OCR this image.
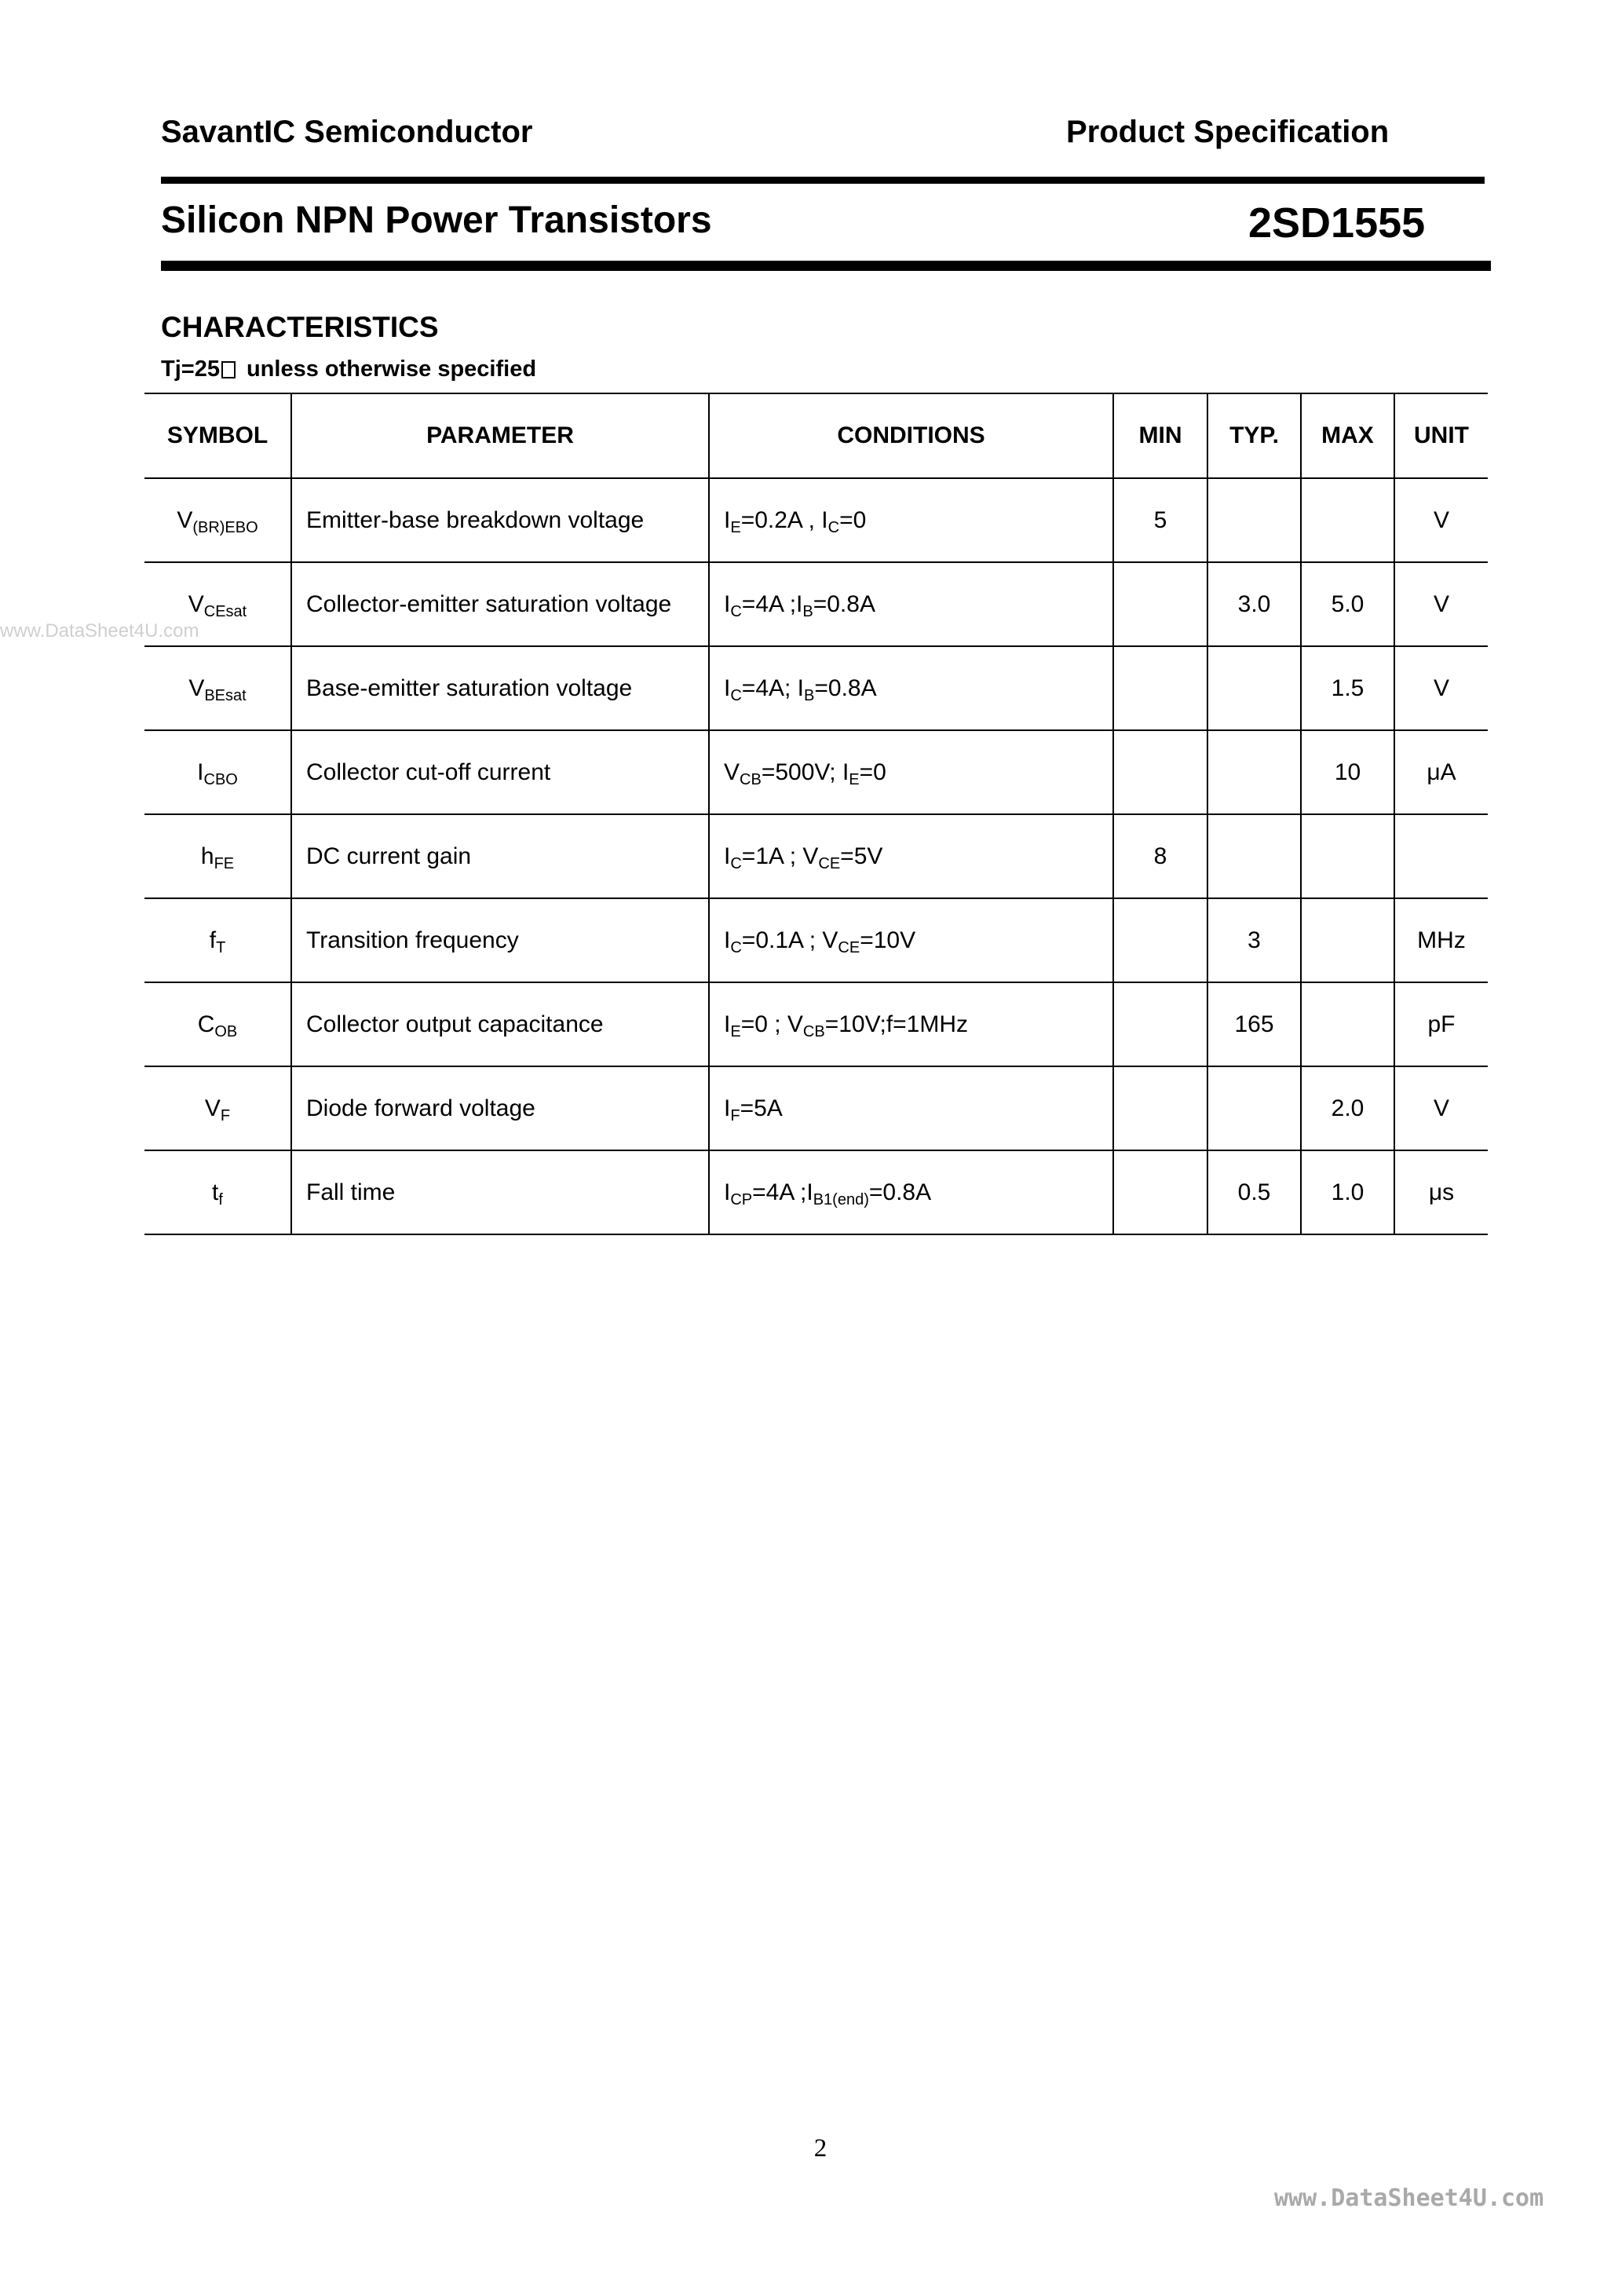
SavantIC Semiconductor	Product Specification
Silicon NPN Power Transistors	2SD1555
CHARACTERISTICS
Tj=25 unless otherwise specified
www.DataSheet4U.com
SYMBOL	PARAMETER	CONDITIONS	MIN	TYP.	MAX	UNIT
$V_{(BR)EBO}$	Emitter-base breakdown voltage	$I_E=0.2A$ , $I_C=0$	5			V
$V_{CEsat}$	Collector-emitter saturation voltage	$I_C=4A$ $;I_B=0.8A$		3.0	5.0	V
$V_{BEsat}$	Base-emitter saturation voltage	$I_C=4A$; $I_B=0.8A$			1.5	V
$I_{CBO}$	Collector cut-off current	$V_{CB}=500V$; $I_E=0$			10	μA
$h_{FE}$	DC current gain	$I_C=1A$ ; $V_{CE}=5V$	8			
$f_T$	Transition frequency	$I_C=0.1A$ ; $V_{CE}=10V$		3		MHz
$C_{OB}$	Collector output capacitance	$I_E=0$ ; $V_{CB}=10V;f=1MHz$		165		pF
$V_F$	Diode forward voltage	$I_F=5A$			2.0	V
$t_f$	Fall time	$I_{CP}=4A$ $;I_{B1(end)}=0.8A$		0.5	1.0	μs
2
www.DataSheet4U.com
